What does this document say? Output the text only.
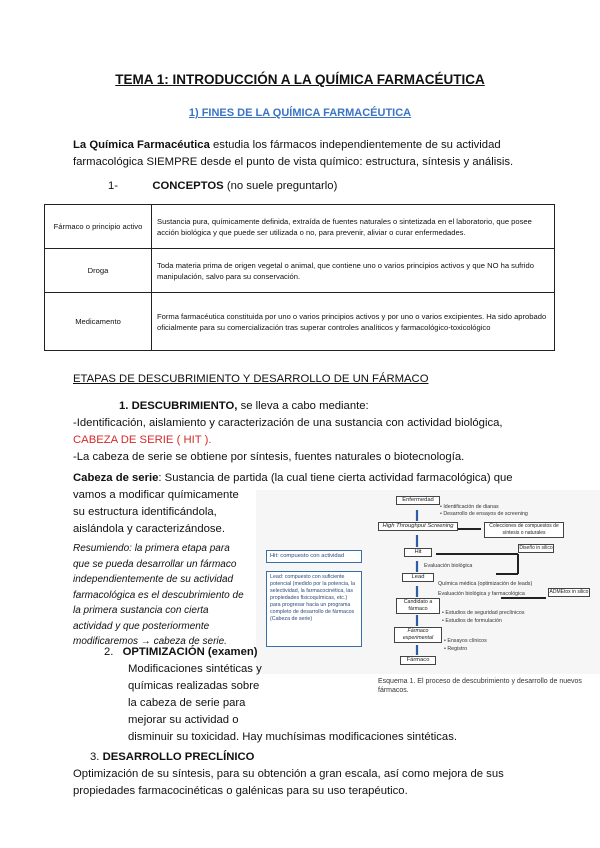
TEMA 1: INTRODUCCIÓN A LA QUÍMICA FARMACÉUTICA
1) FINES DE LA QUÍMICA FARMACÉUTICA
La Química Farmacéutica estudia los fármacos independientemente de su actividad
farmacológica SIEMPRE desde el punto de vista químico: estructura, síntesis y análisis.
1-	CONCEPTOS (no suele preguntarlo)
Fármaco o principio activo	Sustancia pura, químicamente definida, extraída de fuentes naturales o sintetizada en el laboratorio, que posee acción biológica y que puede ser utilizada o no, para prevenir, aliviar o curar enfermedades.
Droga	Toda materia prima de origen vegetal o animal, que contiene uno o varios principios activos y que NO ha sufrido manipulación, salvo para su conservación.
Medicamento	Forma farmacéutica constituida por uno o varios principios activos y por uno o varios excipientes. Ha sido aprobado oficialmente para su comercialización tras superar controles analíticos y farmacológico-toxicológico
ETAPAS DE DESCUBRIMIENTO Y DESARROLLO DE UN FÁRMACO
1. DESCUBRIMIENTO, se lleva a cabo mediante:
-Identificación, aislamiento y caracterización de una sustancia con actividad biológica,
CABEZA DE SERIE ( HIT ).
-La cabeza de serie se obtiene por síntesis, fuentes naturales o biotecnología.
Cabeza de serie: Sustancia de partida (la cual tiene cierta actividad farmacológica) que
vamos a modificar químicamente
su estructura identificándola,
aislándola y caracterizándose.
Resumiendo: la primera etapa para
que se pueda desarrollar un fármaco
independientemente de su actividad
farmacológica es el descubrimiento de
la primera sustancia con cierta
actividad y que posteriormente
modificaremos → cabeza de serie.
Hit: compuesto con actividad
Lead: compuesto con suficiente potencial (medido por la potencia, la selectividad, la farmacocinética, las propiedades fisicoquímicas, etc.) para progresar hacia un programa completo de desarrollo de fármacos (Cabeza de serie)
Enfermedad
• Identificación de dianas
• Desarrollo de ensayos de screening
High Throughput Screening	Colecciones de compuestos de síntesis o naturales
Hit
Diseño in silico
Evaluación biológica
Lead
Química médica (optimización de leads)
Evaluación biológica y farmacológica	ADMEtox in silico
Candidato a fármaco
• Estudios de seguridad preclínicos
• Estudios de formulación
Fármaco experimental	• Ensayos clínicos
• Registro
Fármaco
Esquema 1. El proceso de descubrimiento y desarrollo de nuevos fármacos.
2. OPTIMIZACIÓN (examen)
Modificaciones sintéticas y
químicas realizadas sobre
la cabeza de serie para
mejorar su actividad o
disminuir su toxicidad. Hay muchísimas modificaciones sintéticas.
3. DESARROLLO PRECLÍNICO
Optimización de su síntesis, para su obtención a gran escala, así como mejora de sus
propiedades farmacocinéticas o galénicas para su uso terapéutico.
